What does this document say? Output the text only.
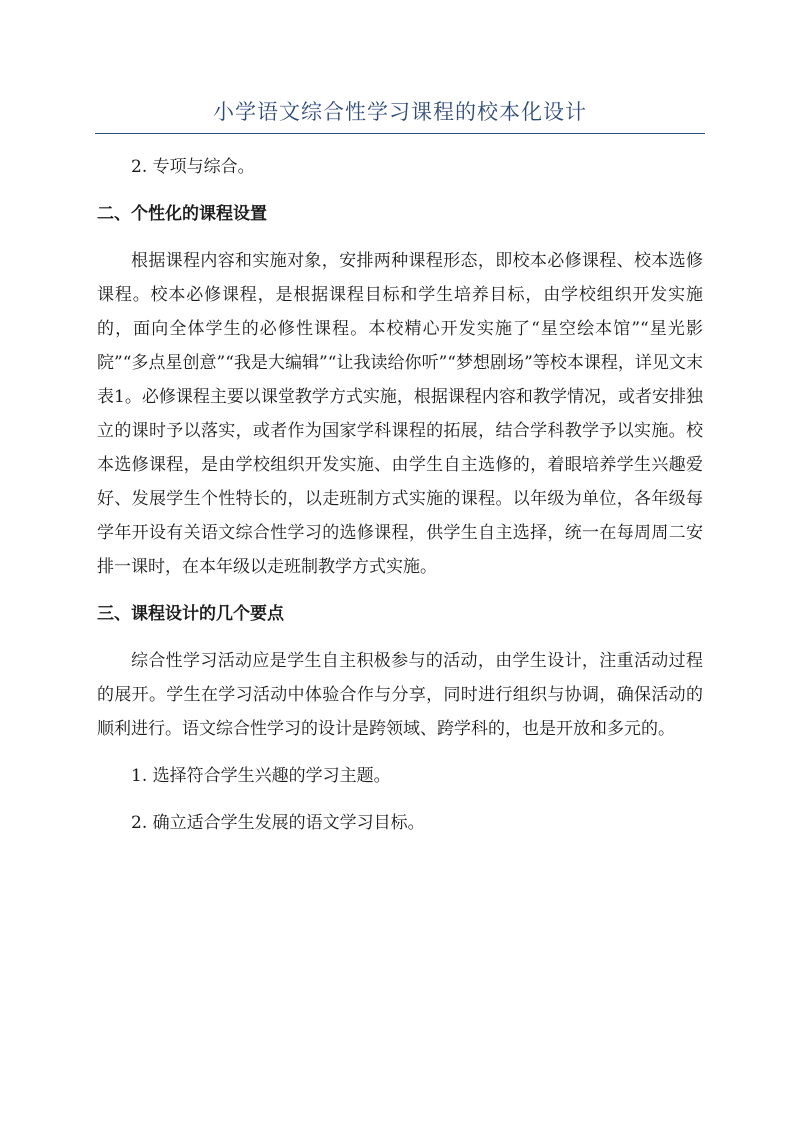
小学语文综合性学习课程的校本化设计

2. 专项与综合。

二、个性化的课程设置

根据课程内容和实施对象，安排两种课程形态，即校本必修课程、校本选修课程。校本必修课程，是根据课程目标和学生培养目标，由学校组织开发实施的，面向全体学生的必修性课程。本校精心开发实施了“星空绘本馆”“星光影院”“多点星创意”“我是大编辑”“让我读给你听”“梦想剧场”等校本课程，详见文末表1。必修课程主要以课堂教学方式实施，根据课程内容和教学情况，或者安排独立的课时予以落实，或者作为国家学科课程的拓展，结合学科教学予以实施。校本选修课程，是由学校组织开发实施、由学生自主选修的，着眼培养学生兴趣爱好、发展学生个性特长的，以走班制方式实施的课程。以年级为单位，各年级每学年开设有关语文综合性学习的选修课程，供学生自主选择，统一在每周周二安排一课时，在本年级以走班制教学方式实施。

三、课程设计的几个要点

综合性学习活动应是学生自主积极参与的活动，由学生设计，注重活动过程的展开。学生在学习活动中体验合作与分享，同时进行组织与协调，确保活动的顺利进行。语文综合性学习的设计是跨领域、跨学科的，也是开放和多元的。

1. 选择符合学生兴趣的学习主题。

2. 确立适合学生发展的语文学习目标。
